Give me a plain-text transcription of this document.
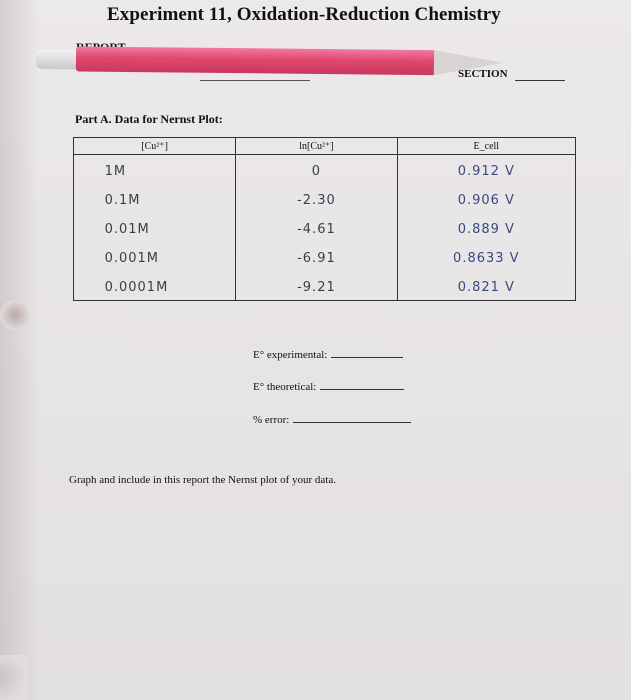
Experiment 11, Oxidation-Reduction Chemistry
SECTION
Part A. Data for Nernst Plot:
[Cu²⁺]	ln[Cu²⁺]	E_cell
1M	0	0.912 V
0.1M	-2.30	0.906 V
0.01M	-4.61	0.889 V
0.001M	-6.91	0.8633 V
0.0001M	-9.21	0.821 V
E° experimental:
E° theoretical:
% error:
Graph and include in this report the Nernst plot of your data.
